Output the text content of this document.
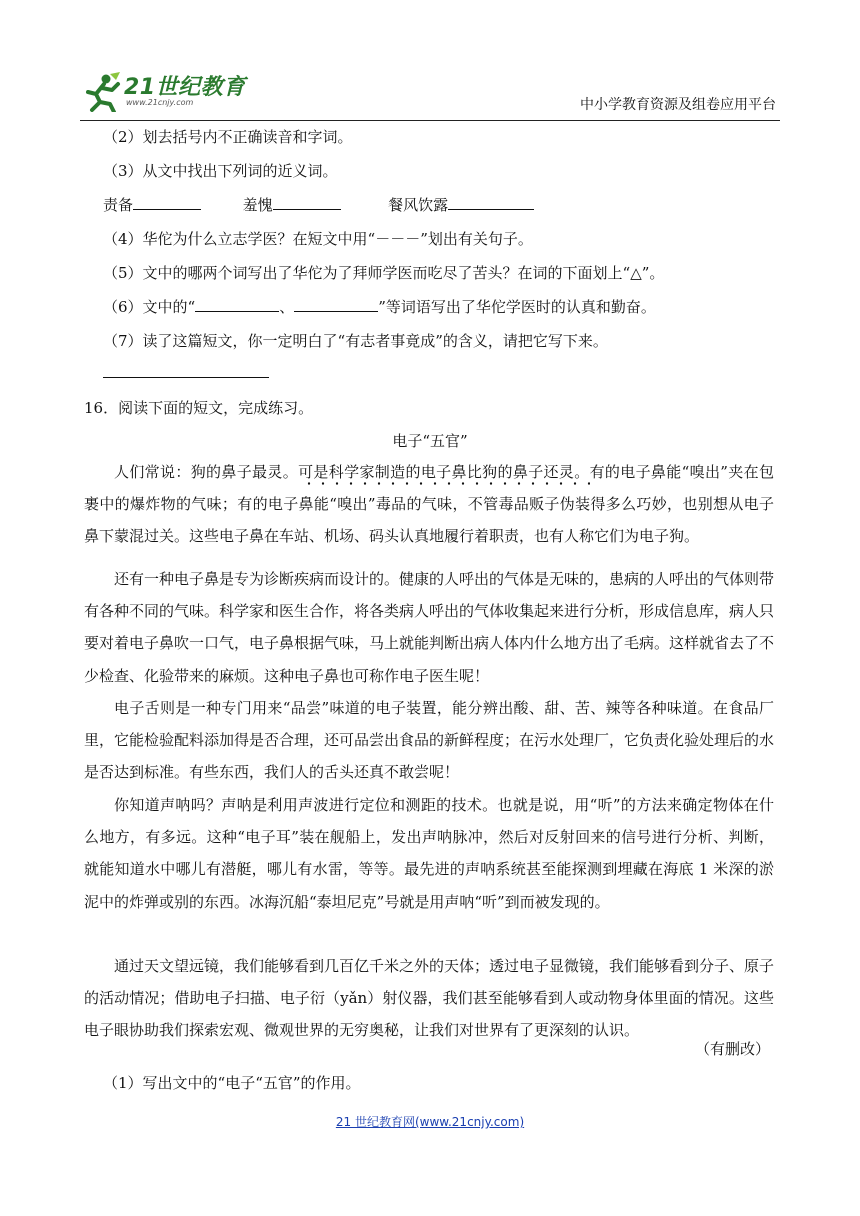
21世纪教育
www.21cnjy.com	中小学教育资源及组卷应用平台
（2）划去括号内不正确读音和字词。
（3）从文中找出下列词的近义词。
责备	羞愧	餐风饮露
（4）华佗为什么立志学医？在短文中用“－－－”划出有关句子。
（5）文中的哪两个词写出了华佗为了拜师学医而吃尽了苦头？在词的下面划上“△”。
（6）文中的“	、	”等词语写出了华佗学医时的认真和勤奋。
（7）读了这篇短文，你一定明白了“有志者事竟成”的含义，请把它写下来。
16．阅读下面的短文，完成练习。
电子“五官”
人们常说：狗的鼻子最灵。可是科学家制造的电子鼻比狗的鼻子还灵。有的电子鼻能“嗅出”夹在包裹中的爆炸物的气味；有的电子鼻能“嗅出”毒品的气味，不管毒品贩子伪装得多么巧妙，也别想从电子鼻下蒙混过关。这些电子鼻在车站、机场、码头认真地履行着职责，也有人称它们为电子狗。
还有一种电子鼻是专为诊断疾病而设计的。健康的人呼出的气体是无味的，患病的人呼出的气体则带有各种不同的气味。科学家和医生合作，将各类病人呼出的气体收集起来进行分析，形成信息库，病人只要对着电子鼻吹一口气，电子鼻根据气味，马上就能判断出病人体内什么地方出了毛病。这样就省去了不少检查、化验带来的麻烦。这种电子鼻也可称作电子医生呢！
电子舌则是一种专门用来“品尝”味道的电子装置，能分辨出酸、甜、苦、辣等各种味道。在食品厂里，它能检验配料添加得是否合理，还可品尝出食品的新鲜程度；在污水处理厂，它负责化验处理后的水是否达到标准。有些东西，我们人的舌头还真不敢尝呢！
你知道声呐吗？声呐是利用声波进行定位和测距的技术。也就是说，用“听”的方法来确定物体在什么地方，有多远。这种“电子耳”装在舰船上，发出声呐脉冲，然后对反射回来的信号进行分析、判断，就能知道水中哪儿有潜艇，哪儿有水雷，等等。最先进的声呐系统甚至能探测到埋藏在海底 1 米深的淤泥中的炸弹或别的东西。冰海沉船“泰坦尼克”号就是用声呐“听”到而被发现的。
通过天文望远镜，我们能够看到几百亿千米之外的天体；透过电子显微镜，我们能够看到分子、原子的活动情况；借助电子扫描、电子衍（yǎn）射仪器，我们甚至能够看到人或动物身体里面的情况。这些电子眼协助我们探索宏观、微观世界的无穷奥秘，让我们对世界有了更深刻的认识。
（有删改）
（1）写出文中的“电子“五官”的作用。
21 世纪教育网(www.21cnjy.com)
